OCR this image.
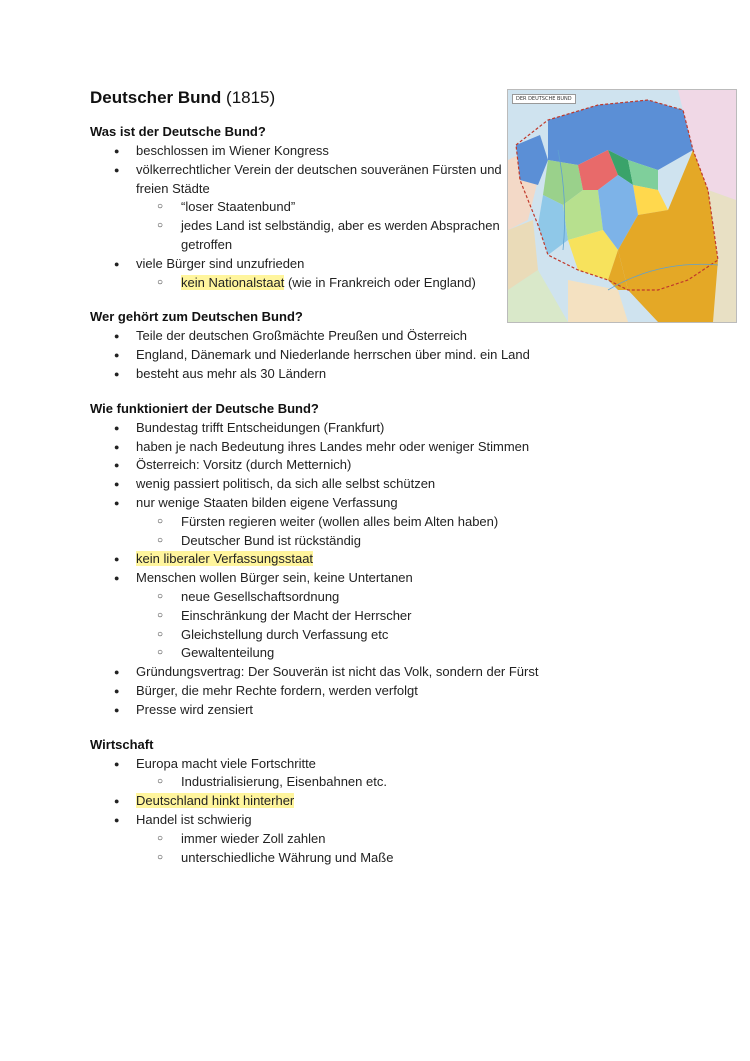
Deutscher Bund (1815)
Was ist der Deutsche Bund?
● beschlossen im Wiener Kongress
● völkerrechtlicher Verein der deutschen souveränen Fürsten und freien Städte
○ “loser Staatenbund”
○ jedes Land ist selbständig, aber es werden Absprachen getroffen
● viele Bürger sind unzufrieden
○ kein Nationalstaat (wie in Frankreich oder England)
Wer gehört zum Deutschen Bund?
● Teile der deutschen Großmächte Preußen und Österreich
● England, Dänemark und Niederlande herrschen über mind. ein Land
● besteht aus mehr als 30 Ländern
Wie funktioniert der Deutsche Bund?
● Bundestag trifft Entscheidungen (Frankfurt)
● haben je nach Bedeutung ihres Landes mehr oder weniger Stimmen
● Österreich: Vorsitz (durch Metternich)
● wenig passiert politisch, da sich alle selbst schützen
● nur wenige Staaten bilden eigene Verfassung
○ Fürsten regieren weiter (wollen alles beim Alten haben)
○ Deutscher Bund ist rückständig
● kein liberaler Verfassungsstaat
● Menschen wollen Bürger sein, keine Untertanen
○ neue Gesellschaftsordnung
○ Einschränkung der Macht der Herrscher
○ Gleichstellung durch Verfassung etc
○ Gewaltenteilung
● Gründungsvertrag: Der Souverän ist nicht das Volk, sondern der Fürst
● Bürger, die mehr Rechte fordern, werden verfolgt
● Presse wird zensiert
Wirtschaft
● Europa macht viele Fortschritte
○ Industrialisierung, Eisenbahnen etc.
● Deutschland hinkt hinterher
● Handel ist schwierig
○ immer wieder Zoll zahlen
○ unterschiedliche Währung und Maße
DER DEUTSCHE BUND
